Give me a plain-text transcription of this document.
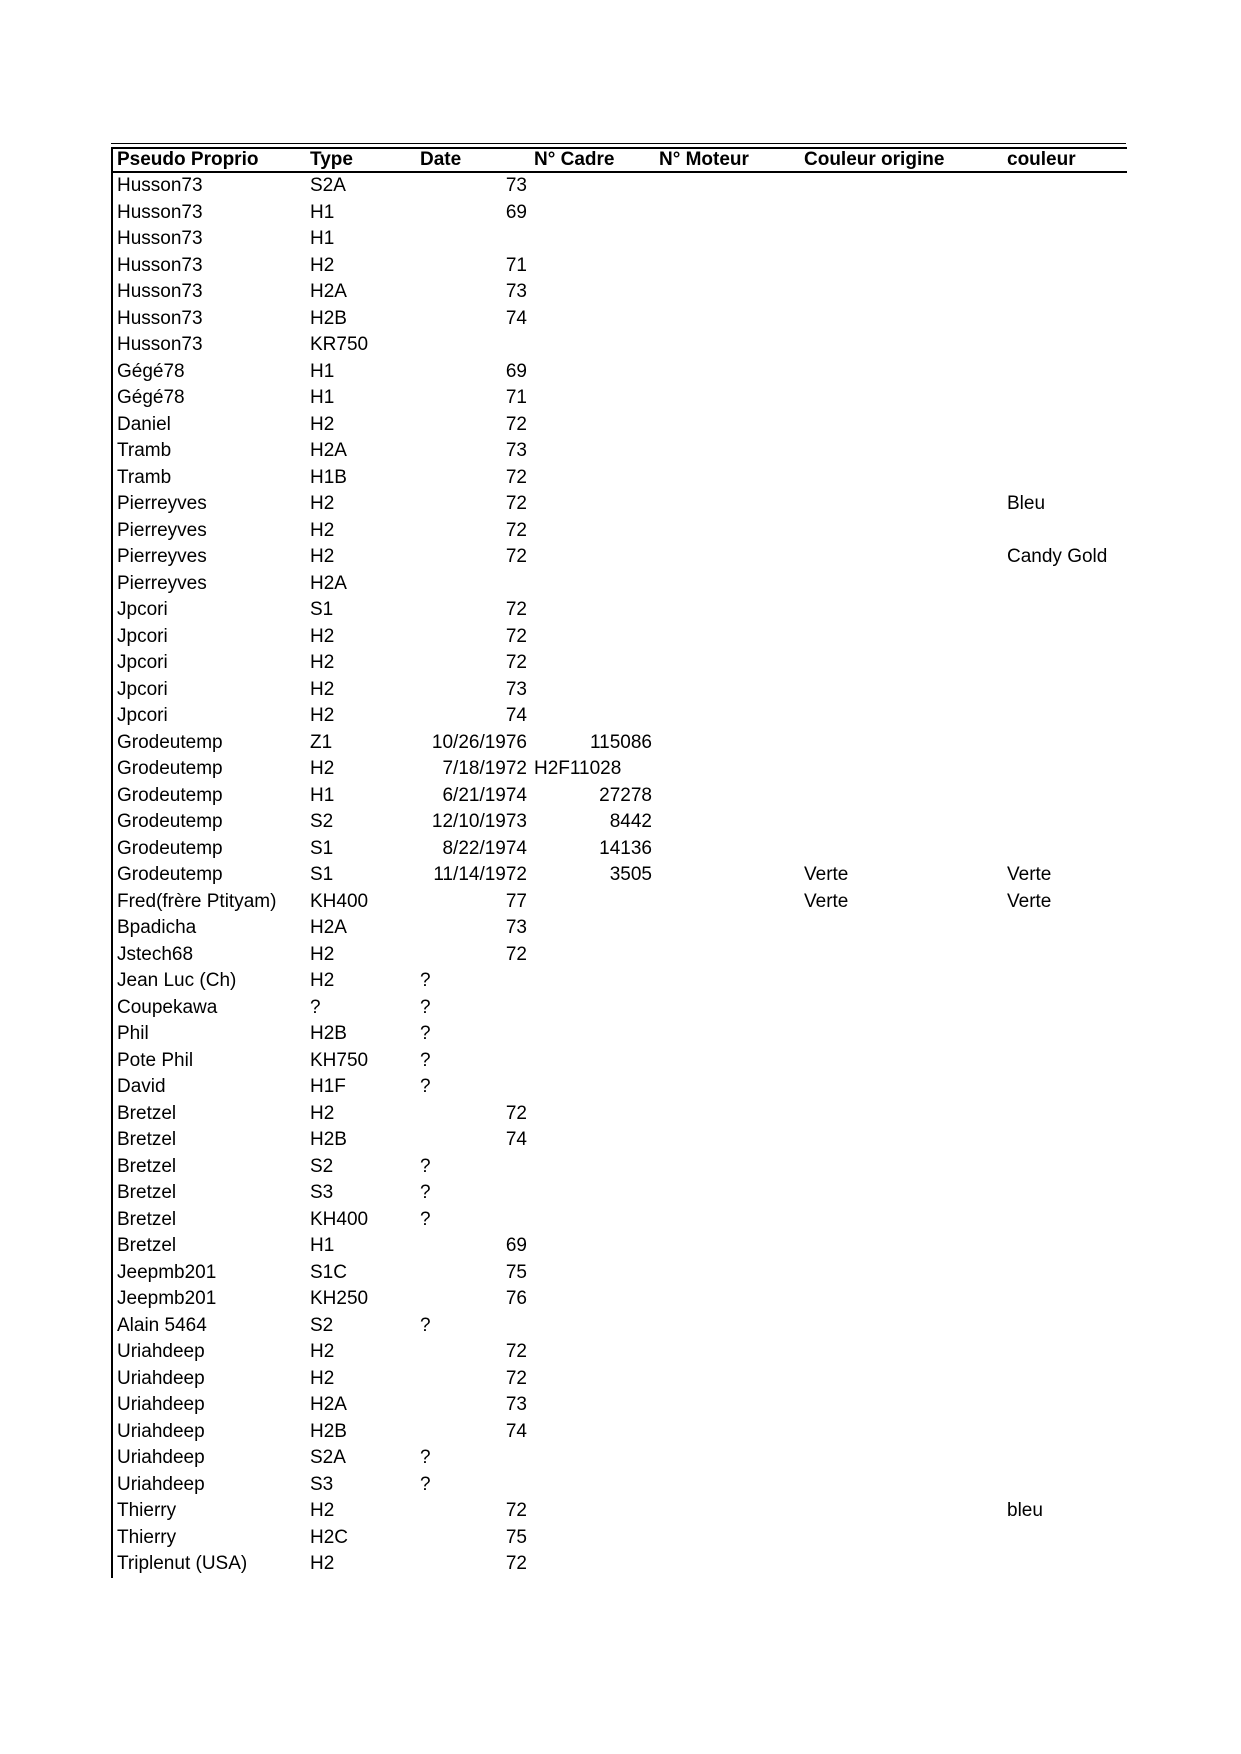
Pseudo Proprio	Type	Date	N° Cadre	N° Moteur	Couleur origine	couleur
Husson73	S2A	73				
Husson73	H1	69				
Husson73	H1					
Husson73	H2	71				
Husson73	H2A	73				
Husson73	H2B	74				
Husson73	KR750					
Gégé78	H1	69				
Gégé78	H1	71				
Daniel	H2	72				
Tramb	H2A	73				
Tramb	H1B	72				
Pierreyves	H2	72				Bleu
Pierreyves	H2	72				
Pierreyves	H2	72				Candy Gold
Pierreyves	H2A					
Jpcori	S1	72				
Jpcori	H2	72				
Jpcori	H2	72				
Jpcori	H2	73				
Jpcori	H2	74				
Grodeutemp	Z1	10/26/1976	115086			
Grodeutemp	H2	7/18/1972	H2F11028			
Grodeutemp	H1	6/21/1974	27278			
Grodeutemp	S2	12/10/1973	8442			
Grodeutemp	S1	8/22/1974	14136			
Grodeutemp	S1	11/14/1972	3505		Verte	Verte
Fred(frère Ptityam)	KH400	77			Verte	Verte
Bpadicha	H2A	73				
Jstech68	H2	72				
Jean Luc (Ch)	H2	?				
Coupekawa	?	?				
Phil	H2B	?				
Pote Phil	KH750	?				
David	H1F	?				
Bretzel	H2	72				
Bretzel	H2B	74				
Bretzel	S2	?				
Bretzel	S3	?				
Bretzel	KH400	?				
Bretzel	H1	69				
Jeepmb201	S1C	75				
Jeepmb201	KH250	76				
Alain 5464	S2	?				
Uriahdeep	H2	72				
Uriahdeep	H2	72				
Uriahdeep	H2A	73				
Uriahdeep	H2B	74				
Uriahdeep	S2A	?				
Uriahdeep	S3	?				
Thierry	H2	72				bleu
Thierry	H2C	75				
Triplenut (USA)	H2	72				
